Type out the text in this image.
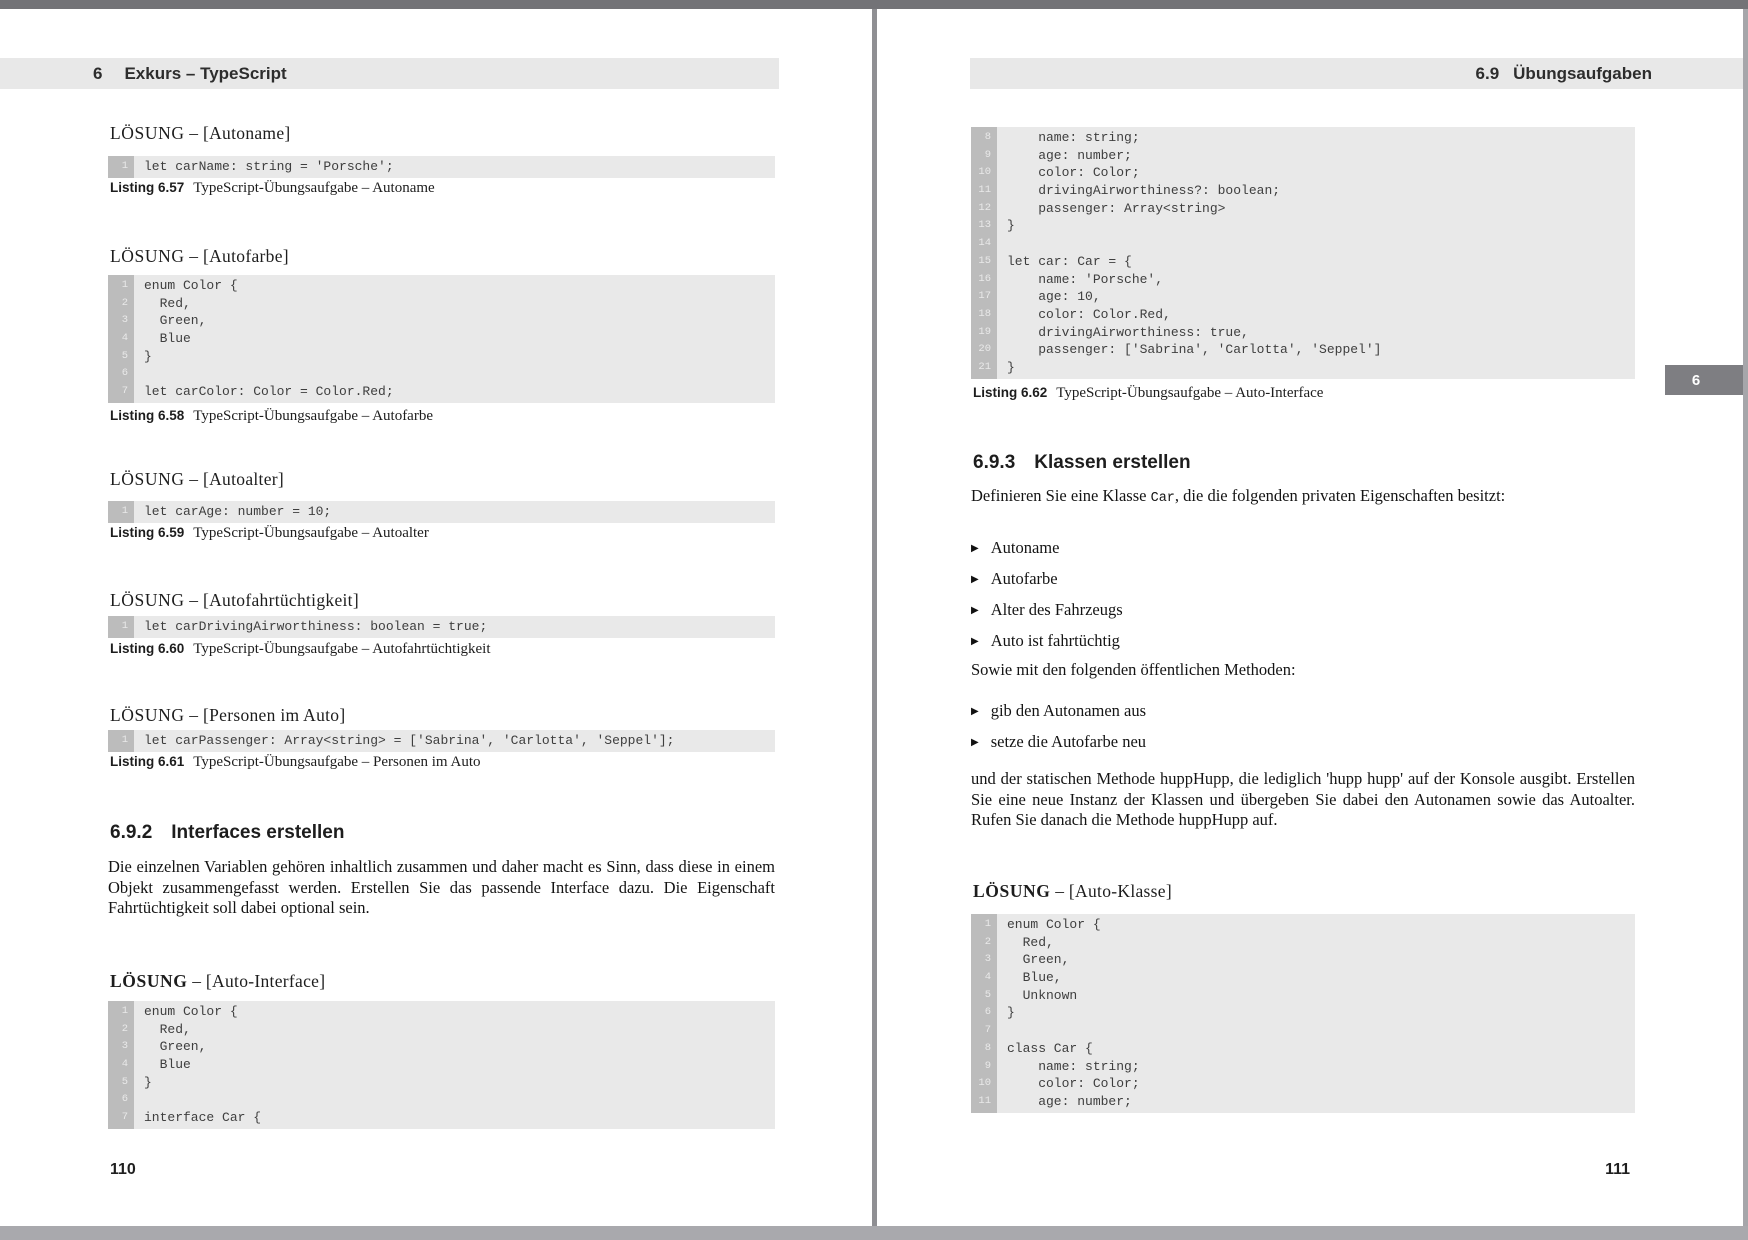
6 Exkurs – TypeScript
LÖSUNG – [Autoname]
1	let carName: string = 'Porsche';

Listing 6.57 TypeScript-Übungsaufgabe – Autoname

LÖSUNG – [Autofarbe]
1	enum Color {
2	Red,
3	Green,
4	Blue
5	}
6
7	let carColor: Color = Color.Red;

Listing 6.58 TypeScript-Übungsaufgabe – Autofarbe

LÖSUNG – [Autoalter]
1	let carAge: number = 10;

Listing 6.59 TypeScript-Übungsaufgabe – Autoalter

LÖSUNG – [Autofahrtüchtigkeit]
1	let carDrivingAirworthiness: boolean = true;

Listing 6.60 TypeScript-Übungsaufgabe – Autofahrtüchtigkeit

LÖSUNG – [Personen im Auto]
1	let carPassenger: Array<string> = ['Sabrina', 'Carlotta', 'Seppel'];

Listing 6.61 TypeScript-Übungsaufgabe – Personen im Auto

6.9.2 Interfaces erstellen

Die einzelnen Variablen gehören inhaltlich zusammen und daher macht es Sinn, dass diese in einem Objekt zusammengefasst werden. Erstellen Sie das passende Interface dazu. Die Eigenschaft Fahrtüchtigkeit soll dabei optional sein.

LÖSUNG – [Auto-Interface]
1	enum Color {
2	Red,
3	Green,
4	Blue
5	}
6
7	interface Car {
110
6.9 Übungsaufgaben
8	name: string;
9	age: number;
10	color: Color;
11	drivingAirworthiness?: boolean;
12	passenger: Array<string>
13	}
14
15	let car: Car = {
16	name: 'Porsche',
17	age: 10,
18	color: Color.Red,
19	drivingAirworthiness: true,
20	passenger: ['Sabrina', 'Carlotta', 'Seppel']
21	}

Listing 6.62 TypeScript-Übungsaufgabe – Auto-Interface

6
6.9.3 Klassen erstellen

Definieren Sie eine Klasse Car, die die folgenden privaten Eigenschaften besitzt:

▶ Autoname
▶ Autofarbe
▶ Alter des Fahrzeugs
▶ Auto ist fahrtüchtig

Sowie mit den folgenden öffentlichen Methoden:

▶ gib den Autonamen aus
▶ setze die Autofarbe neu

und der statischen Methode huppHupp, die lediglich 'hupp hupp' auf der Konsole ausgibt. Erstellen Sie eine neue Instanz der Klassen und übergeben Sie dabei den Autonamen sowie das Autoalter. Rufen Sie danach die Methode huppHupp auf.

LÖSUNG – [Auto-Klasse]
1	enum Color {
2	Red,
3	Green,
4	Blue,
5	Unknown
6	}
7
8	class Car {
9	name: string;
10	color: Color;
11	age: number;
111
